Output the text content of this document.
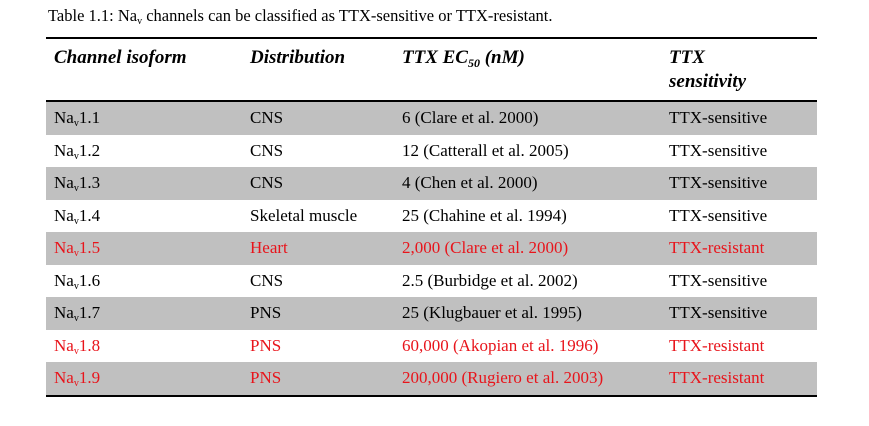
Table 1.1: $Na_v$ channels can be classified as TTX-sensitive or TTX-resistant.
Channel isoform	Distribution	TTX $EC_{50}$ (nM)	TTX
sensitivity
$Na_v1.1$	CNS	6 (Clare et al. 2000)	TTX-sensitive
$Na_v1.2$	CNS	12 (Catterall et al. 2005)	TTX-sensitive
$Na_v1.3$	CNS	4 (Chen et al. 2000)	TTX-sensitive
$Na_v1.4$	Skeletal muscle	25 (Chahine et al. 1994)	TTX-sensitive
$Na_v1.5$	Heart	2,000 (Clare et al. 2000)	TTX-resistant
$Na_v1.6$	CNS	2.5 (Burbidge et al. 2002)	TTX-sensitive
$Na_v1.7$	PNS	25 (Klugbauer et al. 1995)	TTX-sensitive
$Na_v1.8$	PNS	60,000 (Akopian et al. 1996)	TTX-resistant
$Na_v1.9$	PNS	200,000 (Rugiero et al. 2003)	TTX-resistant
